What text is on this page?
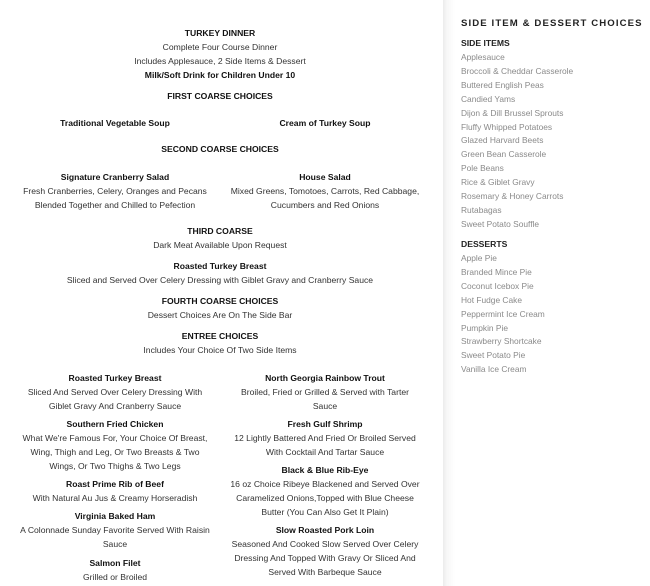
TURKEY DINNER
Complete Four Course Dinner
Includes Applesauce, 2 Side Items & Dessert
Milk/Soft Drink for Children Under 10
FIRST COARSE CHOICES
Traditional Vegetable Soup	Cream of Turkey Soup
SECOND COARSE CHOICES
Signature Cranberry Salad
Fresh Cranberries, Celery, Oranges and Pecans
Blended Together and Chilled to Pefection
House Salad
Mixed Greens, Tomotoes, Carrots, Red Cabbage,
Cucumbers and Red Onions
THIRD COARSE
Dark Meat Available Upon Request
Roasted Turkey Breast
Sliced and Served Over Celery Dressing with Giblet Gravy and Cranberry Sauce
FOURTH COARSE CHOICES
Dessert Choices Are On The Side Bar
ENTREE CHOICES
Includes Your Choice Of Two Side Items
Roasted Turkey Breast
Sliced And Served Over Celery Dressing With
Giblet Gravy And Cranberry Sauce
Southern Fried Chicken
What We're Famous For, Your Choice Of Breast,
Wing, Thigh and Leg, Or Two Breasts & Two
Wings, Or Two Thighs & Two Legs
Roast Prime Rib of Beef
With Natural Au Jus & Creamy Horseradish
Virginia Baked Ham
A Colonnade Sunday Favorite Served With Raisin
Sauce
Salmon Filet
Grilled or Broiled
North Georgia Rainbow Trout
Broiled, Fried or Grilled & Served with Tarter
Sauce
Fresh Gulf Shrimp
12 Lightly Battered And Fried Or Broiled Served
With Cocktail And Tartar Sauce
Black & Blue Rib-Eye
16 oz Choice Ribeye Blackened and Served Over
Caramelized Onions,Topped with Blue Cheese
Butter (You Can Also Get It Plain)
Slow Roasted Pork Loin
Seasoned And Cooked Slow Served Over Celery
Dressing And Topped With Gravy Or Sliced And
Served With Barbeque Sauce
SIDE ITEM & DESSERT CHOICES
SIDE ITEMS
Applesauce
Broccoli & Cheddar Casserole
Buttered English Peas
Candied Yams
Dijon & Dill Brussel Sprouts
Fluffy Whipped Potatoes
Glazed Harvard Beets
Green Bean Casserole
Pole Beans
Rice & Giblet Gravy
Rosemary & Honey Carrots
Rutabagas
Sweet Potato Souffle
DESSERTS
Apple Pie
Branded Mince Pie
Coconut Icebox Pie
Hot Fudge Cake
Peppermint Ice Cream
Pumpkin Pie
Strawberry Shortcake
Sweet Potato Pie
Vanilla Ice Cream
